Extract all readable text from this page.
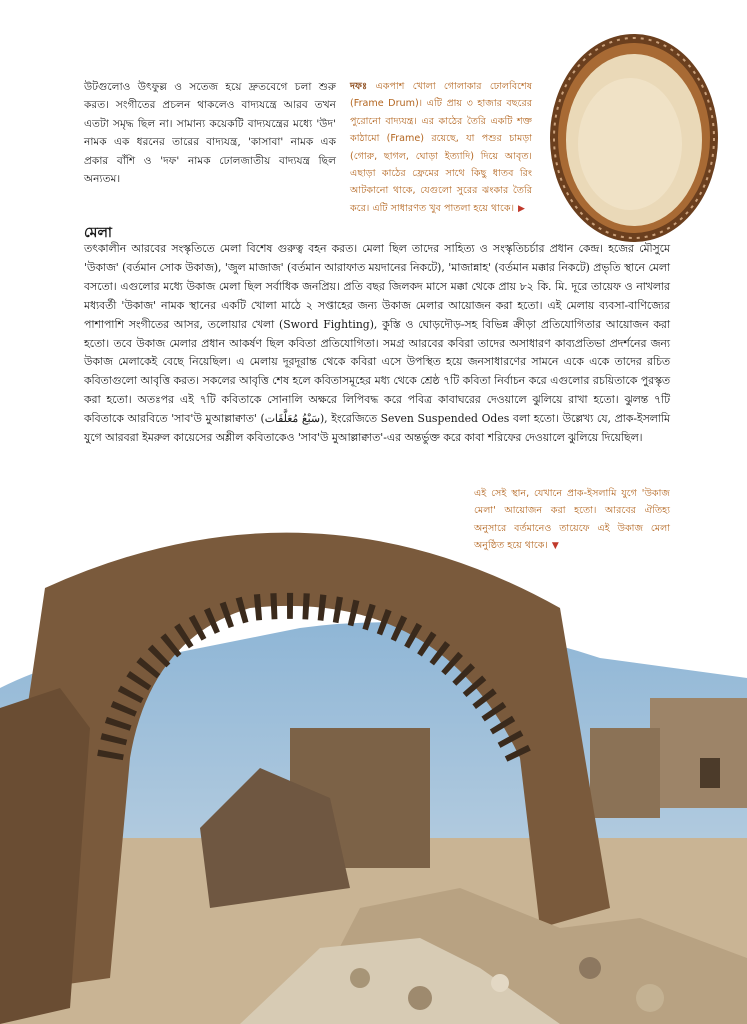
উটগুলোও উৎফুল্ল ও সতেজ হয়ে দ্রুতবেগে চলা শুরু করত। সংগীতের প্রচলন থাকলেও বাদ্যযন্ত্রে আরব তখন এতটা সমৃদ্ধ ছিল না। সামান্য কয়েকটি বাদ্যযন্ত্রের মধ্যে 'উদ' নামক এক ধরনের তারের বাদ্যযন্ত্র, 'কাসাবা' নামক এক প্রকার বাঁশি ও 'দফ' নামক ঢোলজাতীয় বাদ্যযন্ত্র ছিল অন্যতম।

দফঃ একপাশ খোলা গোলাকার ঢোলবিশেষ (Frame Drum)। এটি প্রায় ৩ হাজার বছরের পুরোনো বাদ্যযন্ত্র। এর কাঠের তৈরি একটি শক্ত কাঠামো (Frame) রয়েছে, যা পশুর চামড়া (গোরু, ছাগল, ঘোড়া ইত্যাদি) দিয়ে আবৃত। এছাড়া কাঠের ফ্রেমের সাথে কিছু ধাতব রিং আটকানো থাকে, যেগুলো সুরের ঝংকার তৈরি করে। এটি সাধারণত খুব পাতলা হয়ে থাকে। ▶

মেলা

তৎকালীন আরবের সংস্কৃতিতে মেলা বিশেষ গুরুত্ব বহন করত। মেলা ছিল তাদের সাহিত্য ও সংস্কৃতিচর্চার প্রধান কেন্দ্র। হজের মৌসুমে 'উকাজ' (বর্তমান সোক উকাজ), 'জুল মাজাজ' (বর্তমান আরাফাত ময়দানের নিকটে), 'মাজান্নাহ' (বর্তমান মক্কার নিকটে) প্রভৃতি স্থানে মেলা বসতো। এগুলোর মধ্যে উকাজ মেলা ছিল সর্বাধিক জনপ্রিয়। প্রতি বছর জিলকদ মাসে মক্কা থেকে প্রায় ৮২ কি. মি. দূরে তায়েফ ও নাখলার মধ্যবর্তী 'উকাজ' নামক স্থানের একটি খোলা মাঠে ২ সপ্তাহের জন্য উকাজ মেলার আয়োজন করা হতো। এই মেলায় ব্যবসা-বাণিজ্যের পাশাপাশি সংগীতের আসর, তলোয়ার খেলা (Sword Fighting), কুস্তি ও ঘোড়দৌড়-সহ বিভিন্ন ক্রীড়া প্রতিযোগিতার আয়োজন করা হতো। তবে উকাজ মেলার প্রধান আকর্ষণ ছিল কবিতা প্রতিযোগিতা। সমগ্র আরবের কবিরা তাদের অসাধারণ কাব্যপ্রতিভা প্রদর্শনের জন্য উকাজ মেলাকেই বেছে নিয়েছিল। এ মেলায় দূরদূরান্ত থেকে কবিরা এসে উপস্থিত হয়ে জনসাধারণের সামনে একে একে তাদের রচিত কবিতাগুলো আবৃত্তি করত। সকলের আবৃত্তি শেষ হলে কবিতাসমূহের মধ্য থেকে শ্রেষ্ঠ ৭টি কবিতা নির্বাচন করে এগুলোর রচয়িতাকে পুরস্কৃত করা হতো। অতঃপর এই ৭টি কবিতাকে সোনালি অক্ষরে লিপিবদ্ধ করে পবিত্র কাবাঘরের দেওয়ালে ঝুলিয়ে রাখা হতো। ঝুলন্ত ৭টি কবিতাকে আরবিতে 'সাব'উ মুআল্লাক্বাত' (سَبْعُ مُعَلَّقَات), ইংরেজিতে Seven Suspended Odes বলা হতো। উল্লেখ্য যে, প্রাক-ইসলামি যুগে আরবরা ইমরুল কায়েসের অশ্লীল কবিতাকেও 'সাব'উ মুআল্লাক্বাত'-এর অন্তর্ভুক্ত করে কাবা শরিফের দেওয়ালে ঝুলিয়ে দিয়েছিল।

এই সেই স্থান, যেখানে প্রাক-ইসলামি যুগে 'উকাজ মেলা' আয়োজন করা হতো। আরবের ঐতিহ্য অনুসারে বর্তমানেও তায়েফে এই উকাজ মেলা অনুষ্ঠিত হয়ে থাকে। ▼
